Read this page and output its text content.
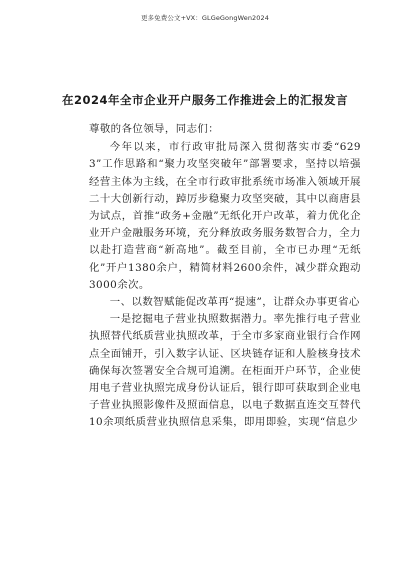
更多免费公文+VX：GLGeGongWen2024
在2024年全市企业开户服务工作推进会上的汇报发言

尊敬的各位领导，同志们：

今年以来，市行政审批局深入贯彻落实市委“6293”工作思路和“聚力攻坚突破年”部署要求，坚持以培强经营主体为主线，在全市行政审批系统市场准入领域开展二十大创新行动，踔厉步稳聚力攻坚突破，其中以商唐县为试点，首推“政务+金融”无纸化开户改革，着力优化企业开户金融服务环境，充分释放政务服务数智合力，全力以赴打造营商“新高地”。截至目前，全市已办理“无纸化”开户1380余户，精简材料2600余件，减少群众跑动3000余次。

一、以数智赋能促改革再“提速”，让群众办事更省心

一是挖掘电子营业执照数据潜力。率先推行电子营业执照替代纸质营业执照改革，于全市多家商业银行合作网点全面铺开，引入数字认证、区块链存证和人脸核身技术确保每次签署安全合规可追溯。在柜面开户环节，企业使用电子营业执照完成身份认证后，银行即可获取到企业电子营业执照影像件及照面信息，以电子数据直连交互替代10余项纸质营业执照信息采集，即用即验，实现“信息少
